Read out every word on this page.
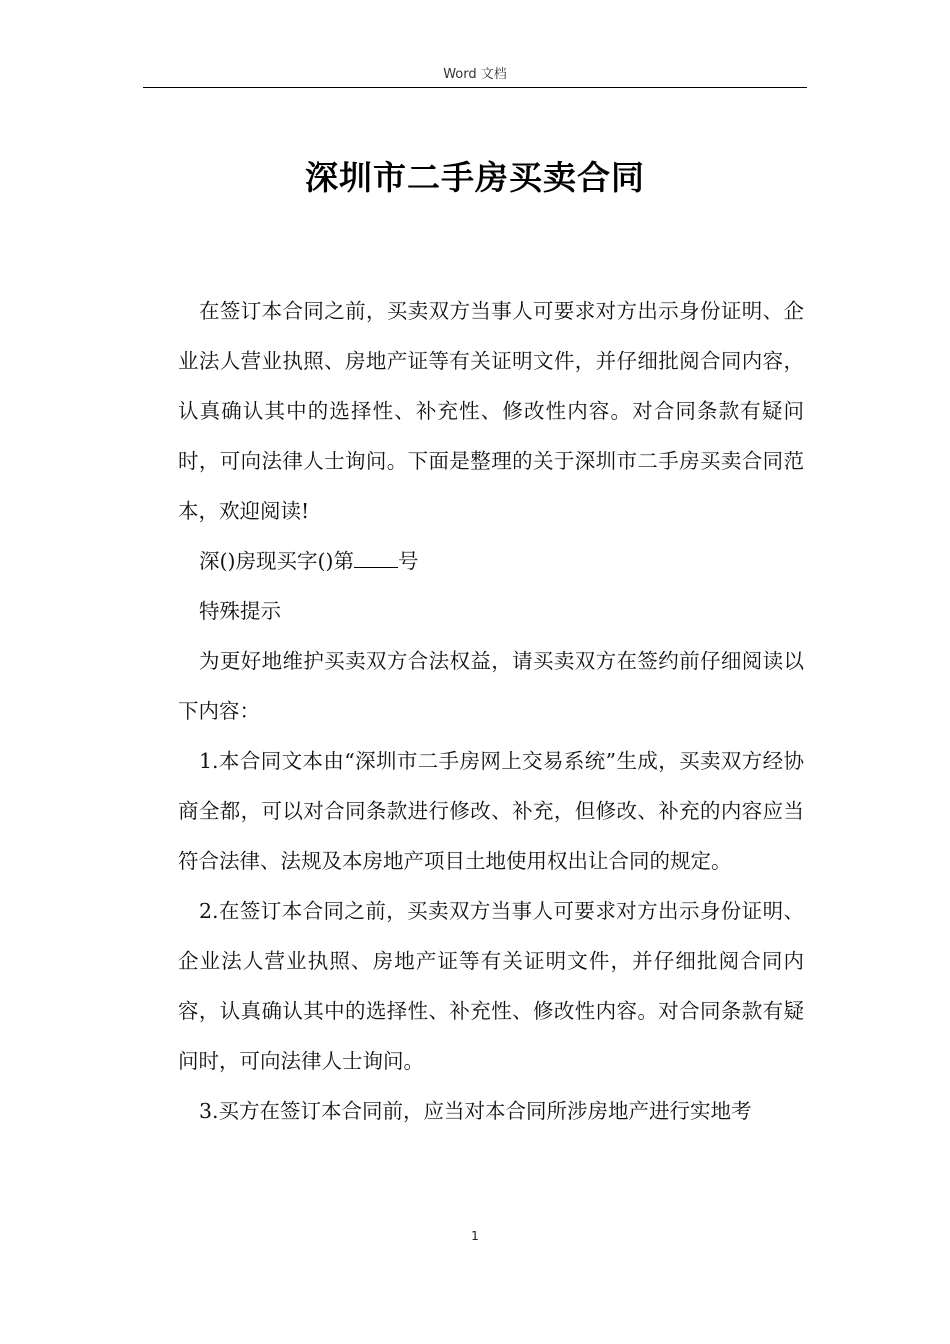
Word 文档
深圳市二手房买卖合同

在签订本合同之前，买卖双方当事人可要求对方出示身份证明、企业法人营业执照、房地产证等有关证明文件，并仔细批阅合同内容，认真确认其中的选择性、补充性、修改性内容。对合同条款有疑问时，可向法律人士询问。下面是整理的关于深圳市二手房买卖合同范本，欢迎阅读!

深()房现买字()第 号

特殊提示

为更好地维护买卖双方合法权益，请买卖双方在签约前仔细阅读以下内容：

1.本合同文本由“深圳市二手房网上交易系统”生成，买卖双方经协商全都，可以对合同条款进行修改、补充，但修改、补充的内容应当符合法律、法规及本房地产项目土地使用权出让合同的规定。

2.在签订本合同之前，买卖双方当事人可要求对方出示身份证明、企业法人营业执照、房地产证等有关证明文件，并仔细批阅合同内容，认真确认其中的选择性、补充性、修改性内容。对合同条款有疑问时，可向法律人士询问。

3.买方在签订本合同前，应当对本合同所涉房地产进行实地考

1
